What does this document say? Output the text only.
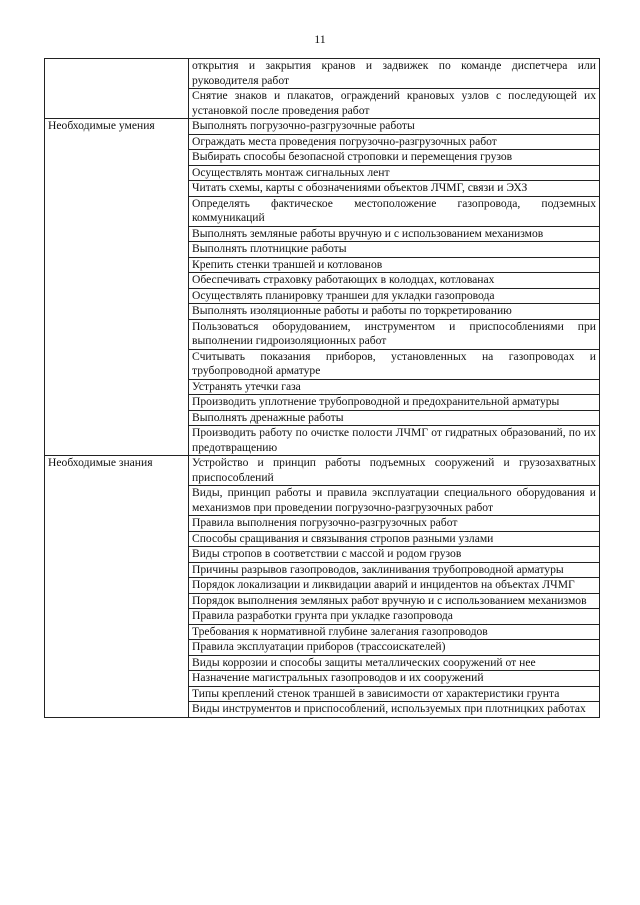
11

	открытия и закрытия кранов и задвижек по команде диспетчера или руководителя работ

	Снятие знаков и плакатов, ограждений крановых узлов с последующей их установкой после проведения работ

Необходимые умения	Выполнять погрузочно-разгрузочные работы

	Ограждать места проведения погрузочно-разгрузочных работ

	Выбирать способы безопасной строповки и перемещения грузов

	Осуществлять монтаж сигнальных лент

	Читать схемы, карты с обозначениями объектов ЛЧМГ, связи и ЭХЗ

	Определять фактическое местоположение газопровода, подземных коммуникаций

	Выполнять земляные работы вручную и с использованием механизмов

	Выполнять плотницкие работы

	Крепить стенки траншей и котлованов

	Обеспечивать страховку работающих в колодцах, котлованах

	Осуществлять планировку траншеи для укладки газопровода

	Выполнять изоляционные работы и работы по торкретированию

	Пользоваться оборудованием, инструментом и приспособлениями при выполнении гидроизоляционных работ

	Считывать показания приборов, установленных на газопроводах и трубопроводной арматуре

	Устранять утечки газа

	Производить уплотнение трубопроводной и предохранительной арматуры

	Выполнять дренажные работы

	Производить работу по очистке полости ЛЧМГ от гидратных образований, по их предотвращению

Необходимые знания	Устройство и принцип работы подъемных сооружений и грузозахватных приспособлений

	Виды, принцип работы и правила эксплуатации специального оборудования и механизмов при проведении погрузочно-разгрузочных работ

	Правила выполнения погрузочно-разгрузочных работ

	Способы сращивания и связывания стропов разными узлами

	Виды стропов в соответствии с массой и родом грузов

	Причины разрывов газопроводов, заклинивания трубопроводной арматуры

	Порядок локализации и ликвидации аварий и инцидентов на объектах ЛЧМГ

	Порядок выполнения земляных работ вручную и с использованием механизмов

	Правила разработки грунта при укладке газопровода

	Требования к нормативной глубине залегания газопроводов

	Правила эксплуатации приборов (трассоискателей)

	Виды коррозии и способы защиты металлических сооружений от нее

	Назначение магистральных газопроводов и их сооружений

	Типы креплений стенок траншей в зависимости от характеристики грунта

	Виды инструментов и приспособлений, используемых при плотницких работах
